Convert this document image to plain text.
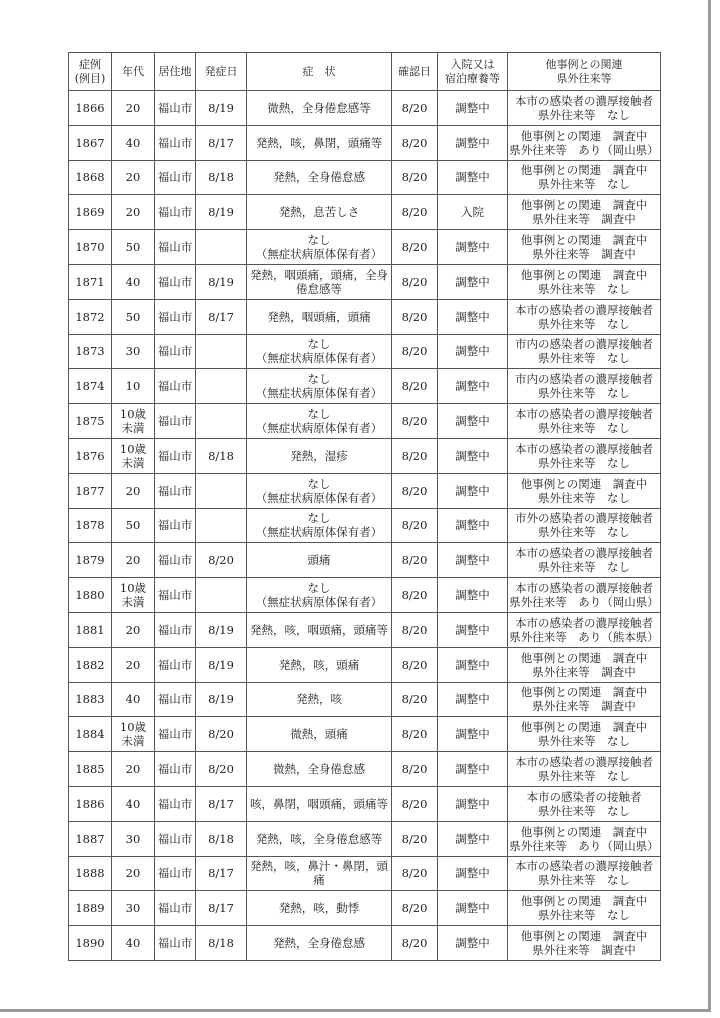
症例
(例目)	年代	居住地	発症日	症　状	確認日	入院又は
宿泊療養等	他事例との関連
県外往来等

1866	20	福山市	8/19	微熱，全身倦怠感等	8/20	調整中	本市の感染者の濃厚接触者
県外往来等　なし

1867	40	福山市	8/17	発熱，咳，鼻閉，頭痛等	8/20	調整中	他事例との関連　調査中
県外往来等　あり（岡山県）

1868	20	福山市	8/18	発熱，全身倦怠感	8/20	調整中	他事例との関連　調査中
県外往来等　なし

1869	20	福山市	8/19	発熱，息苦しさ	8/20	入院	他事例との関連　調査中
県外往来等　調査中

1870	50	福山市		なし
（無症状病原体保有者）	8/20	調整中	他事例との関連　調査中
県外往来等　調査中

1871	40	福山市	8/19	発熱，咽頭痛，頭痛，全身
倦怠感等	8/20	調整中	他事例との関連　調査中
県外往来等　なし

1872	50	福山市	8/17	発熱，咽頭痛，頭痛	8/20	調整中	本市の感染者の濃厚接触者
県外往来等　なし

1873	30	福山市		なし
（無症状病原体保有者）	8/20	調整中	市内の感染者の濃厚接触者
県外往来等　なし

1874	10	福山市		なし
（無症状病原体保有者）	8/20	調整中	市内の感染者の濃厚接触者
県外往来等　なし

1875	10歳
未満	福山市		なし
（無症状病原体保有者）	8/20	調整中	本市の感染者の濃厚接触者
県外往来等　なし

1876	10歳
未満	福山市	8/18	発熱，湿疹	8/20	調整中	本市の感染者の濃厚接触者
県外往来等　なし

1877	20	福山市		なし
（無症状病原体保有者）	8/20	調整中	他事例との関連　調査中
県外往来等　なし

1878	50	福山市		なし
（無症状病原体保有者）	8/20	調整中	市外の感染者の濃厚接触者
県外往来等　なし

1879	20	福山市	8/20	頭痛	8/20	調整中	本市の感染者の濃厚接触者
県外往来等　なし

1880	10歳
未満	福山市		なし
（無症状病原体保有者）	8/20	調整中	本市の感染者の濃厚接触者
県外往来等　あり（岡山県）

1881	20	福山市	8/19	発熱，咳，咽頭痛，頭痛等	8/20	調整中	本市の感染者の濃厚接触者
県外往来等　あり（熊本県）

1882	20	福山市	8/19	発熱，咳，頭痛	8/20	調整中	他事例との関連　調査中
県外往来等　調査中

1883	40	福山市	8/19	発熱，咳	8/20	調整中	他事例との関連　調査中
県外往来等　調査中

1884	10歳
未満	福山市	8/20	微熱，頭痛	8/20	調整中	他事例との関連　調査中
県外往来等　なし

1885	20	福山市	8/20	微熱，全身倦怠感	8/20	調整中	本市の感染者の濃厚接触者
県外往来等　なし

1886	40	福山市	8/17	咳，鼻閉，咽頭痛，頭痛等	8/20	調整中	本市の感染者の接触者
県外往来等　なし

1887	30	福山市	8/18	発熱，咳，全身倦怠感等	8/20	調整中	他事例との関連　調査中
県外往来等　あり（岡山県）

1888	20	福山市	8/17	発熱，咳，鼻汁・鼻閉，頭
痛	8/20	調整中	本市の感染者の濃厚接触者
県外往来等　なし

1889	30	福山市	8/17	発熱，咳，動悸	8/20	調整中	他事例との関連　調査中
県外往来等　なし

1890	40	福山市	8/18	発熱，全身倦怠感	8/20	調整中	他事例との関連　調査中
県外往来等　調査中
